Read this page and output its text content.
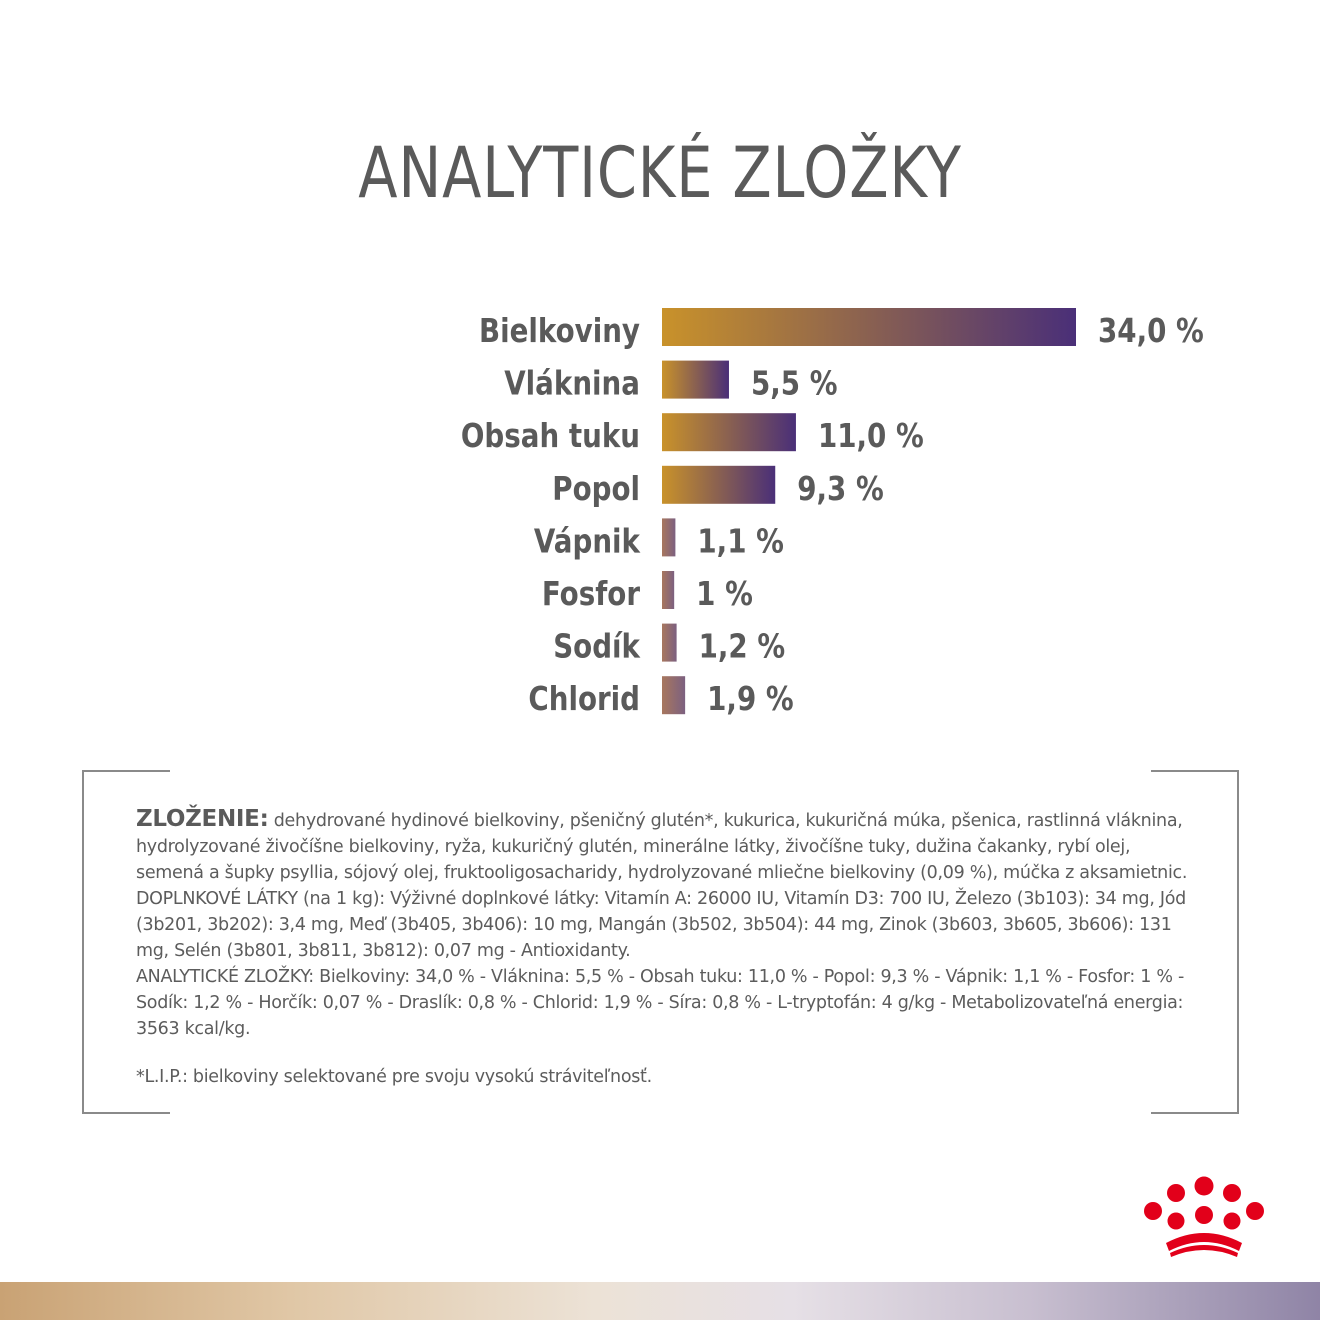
ANALYTICKÉ ZLOŽKY
Bielkoviny	34,0 %
Vláknina	5,5 %
Obsah tuku	11,0 %
Popol	9,3 %
Vápnik 1,1 %
Fosfor 1 %
Sodík 1,2 %
Chlorid 1,9 %

ZLOŽENIE: dehydrované hydinové bielkoviny, pšeničný glutén*, kukurica, kukuričná múka, pšenica, rastlinná vláknina, hydrolyzované živočíšne bielkoviny, ryža, kukuričný glutén, minerálne látky, živočíšne tuky, dužina čakanky, rybí olej, semená a šupky psyllia, sójový olej, fruktooligosacharidy, hydrolyzované mliečne bielkoviny (0,09 %), múčka z aksamietnic.

DOPLNKOVÉ LÁTKY (na 1 kg): Výživné doplnkové látky: Vitamín A: 26000 IU, Vitamín D3: 700 IU, Železo (3b103): 34 mg, Jód (3b201, 3b202): 3,4 mg, Meď (3b405, 3b406): 10 mg, Mangán (3b502, 3b504): 44 mg, Zinok (3b603, 3b605, 3b606): 131 mg, Selén (3b801, 3b811, 3b812): 0,07 mg - Antioxidanty.

ANALYTICKÉ ZLOŽKY: Bielkoviny: 34,0 % - Vláknina: 5,5 % - Obsah tuku: 11,0 % - Popol: 9,3 % - Vápnik: 1,1 % - Fosfor: 1 % - Sodík: 1,2 % - Horčík: 0,07 % - Draslík: 0,8 % - Chlorid: 1,9 % - Síra: 0,8 % - L-tryptofán: 4 g/kg - Metabolizovateľná energia: 3563 kcal/kg.

*L.I.P.: bielkoviny selektované pre svoju vysokú stráviteľnosť.
